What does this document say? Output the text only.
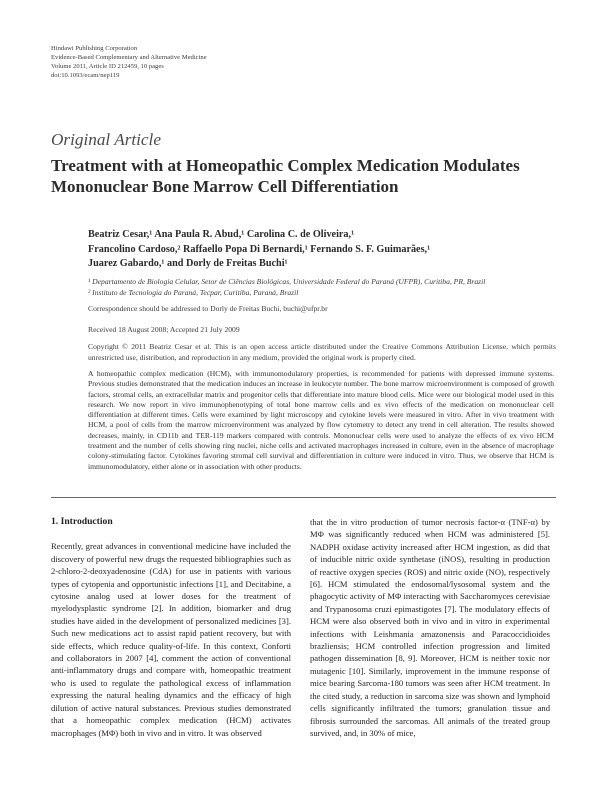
Hindawi Publishing Corporation
Evidence-Based Complementary and Alternative Medicine
Volume 2011, Article ID 212459, 10 pages
doi:10.1093/ecam/nep119
Original Article
Treatment with at Homeopathic Complex Medication Modulates Mononuclear Bone Marrow Cell Differentiation
Beatriz Cesar,¹ Ana Paula R. Abud,¹ Carolina C. de Oliveira,¹
Francolino Cardoso,² Raffaello Popa Di Bernardi,¹ Fernando S. F. Guimarães,¹
Juarez Gabardo,¹ and Dorly de Freitas Buchi¹
¹ Departamento de Biologia Celular, Setor de Ciências Biológicas, Universidade Federal do Paraná (UFPR), Curitiba, PR, Brazil
² Instituto de Tecnologia do Paraná, Tecpar, Curitiba, Paraná, Brazil
Correspondence should be addressed to Dorly de Freitas Buchi, buchi@ufpr.br
Received 18 August 2008; Accepted 21 July 2009
Copyright © 2011 Beatriz Cesar et al. This is an open access article distributed under the Creative Commons Attribution License, which permits unrestricted use, distribution, and reproduction in any medium, provided the original work is properly cited.
A homeopathic complex medication (HCM), with immunomodulatory properties, is recommended for patients with depressed immune systems. Previous studies demonstrated that the medication induces an increase in leukocyte number. The bone marrow microenvironment is composed of growth factors, stromal cells, an extracellular matrix and progenitor cells that differentiate into mature blood cells. Mice were our biological model used in this research. We now report in vivo immunophenotyping of total bone marrow cells and ex vivo effects of the medication on mononuclear cell differentiation at different times. Cells were examined by light microscopy and cytokine levels were measured in vitro. After in vivo treatment with HCM, a pool of cells from the marrow microenvironment was analyzed by flow cytometry to detect any trend in cell alteration. The results showed decreases, mainly, in CD11b and TER-119 markers compared with controls. Mononuclear cells were used to analyze the effects of ex vivo HCM treatment and the number of cells showing ring nuclei, niche cells and activated macrophages increased in culture, even in the absence of macrophage colony-stimulating factor. Cytokines favoring stromal cell survival and differentiation in culture were induced in vitro. Thus, we observe that HCM is immunomodulatory, either alone or in association with other products.

1. Introduction

Recently, great advances in conventional medicine have included the discovery of powerful new drugs the requested bibliographies such as 2-chloro-2-deoxyadenosine (CdA) for use in patients with various types of cytopenia and opportunistic infections [1], and Decitabine, a cytosine analog used at lower doses for the treatment of myelodysplastic syndrome [2]. In addition, biomarker and drug studies have aided in the development of personalized medicines [3]. Such new medications act to assist rapid patient recovery, but with side effects, which reduce quality-of-life. In this context, Conforti and collaborators in 2007 [4], comment the action of conventional anti-inflammatory drugs and compare with, homeopathic treatment who is used to regulate the pathological excess of inflammation expressing the natural healing dynamics and the efficacy of high dilution of active natural substances. Previous studies demonstrated that a homeopathic complex medication (HCM) activates macrophages (MΦ) both in vivo and in vitro. It was observed

that the in vitro production of tumor necrosis factor-α (TNF-α) by MΦ was significantly reduced when HCM was administered [5]. NADPH oxidase activity increased after HCM ingestion, as did that of inducible nitric oxide synthetase (iNOS), resulting in production of reactive oxygen species (ROS) and nitric oxide (NO), respectively [6]. HCM stimulated the endosomal/lysosomal system and the phagocytic activity of MΦ interacting with Saccharomyces cerevisiae and Trypanosoma cruzi epimastigotes [7]. The modulatory effects of HCM were also observed both in vivo and in vitro in experimental infections with Leishmania amazonensis and Paracoccidioides brazliensis; HCM controlled infection progression and limited pathogen dissemination [8, 9]. Moreover, HCM is neither toxic nor mutagenic [10]. Similarly, improvement in the immune response of mice bearing Sarcoma-180 tumors was seen after HCM treatment. In the cited study, a reduction in sarcoma size was shown and lymphoid cells significantly infiltrated the tumors; granulation tissue and fibrosis surrounded the sarcomas. All animals of the treated group survived, and, in 30% of mice,
